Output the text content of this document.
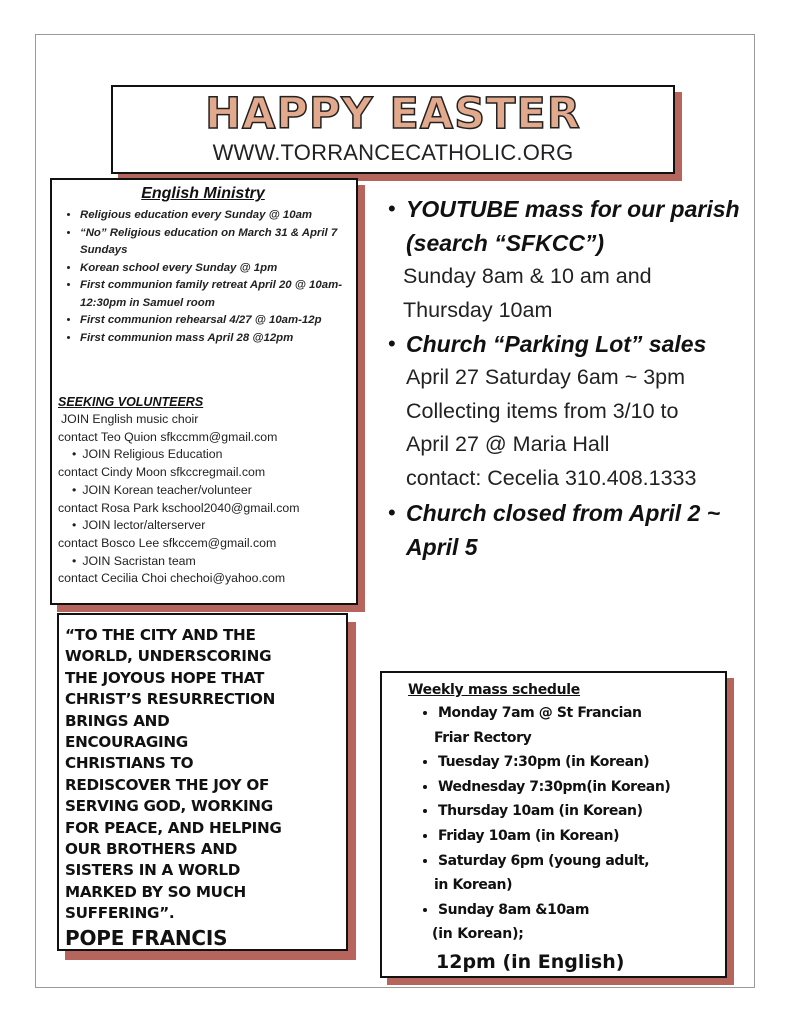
HAPPY EASTER
WWW.TORRANCECATHOLIC.ORG
English Ministry
• Religious education every Sunday @ 10am
• “No” Religious education on March 31 & April 7 Sundays
• Korean school every Sunday @ 1pm
• First communion family retreat April 20 @ 10am-12:30pm in Samuel room
• First communion rehearsal 4/27 @ 10am-12p
• First communion mass April 28 @12pm
SEEKING VOLUNTEERS
JOIN English music choir
contact Teo Quion sfkccmm@gmail.com
• JOIN Religious Education
contact Cindy Moon sfkccregmail.com
• JOIN Korean teacher/volunteer
contact Rosa Park kschool2040@gmail.com
• JOIN lector/alterserver
contact Bosco Lee sfkccem@gmail.com
• JOIN Sacristan team
contact Cecilia Choi chechoi@yahoo.com
“TO THE CITY AND THE
WORLD, UNDERSCORING
THE JOYOUS HOPE THAT
CHRIST’S RESURRECTION
BRINGS AND
ENCOURAGING
CHRISTIANS TO
REDISCOVER THE JOY OF
SERVING GOD, WORKING
FOR PEACE, AND HELPING
OUR BROTHERS AND
SISTERS IN A WORLD
MARKED BY SO MUCH
SUFFERING”.
POPE FRANCIS
• YOUTUBE mass for our parish
(search “SFKCC”)
Sunday 8am & 10 am and
Thursday 10am
• Church “Parking Lot” sales
April 27 Saturday 6am ~ 3pm
Collecting items from 3/10 to
April 27 @ Maria Hall
contact: Cecelia 310.408.1333
• Church closed from April 2 ~
April 5
Weekly mass schedule
• Monday 7am @ St Francian
Friar Rectory
• Tuesday 7:30pm (in Korean)
• Wednesday 7:30pm(in Korean)
• Thursday 10am (in Korean)
• Friday 10am (in Korean)
• Saturday 6pm (young adult,
in Korean)
• Sunday 8am &10am
(in Korean);
12pm (in English)
